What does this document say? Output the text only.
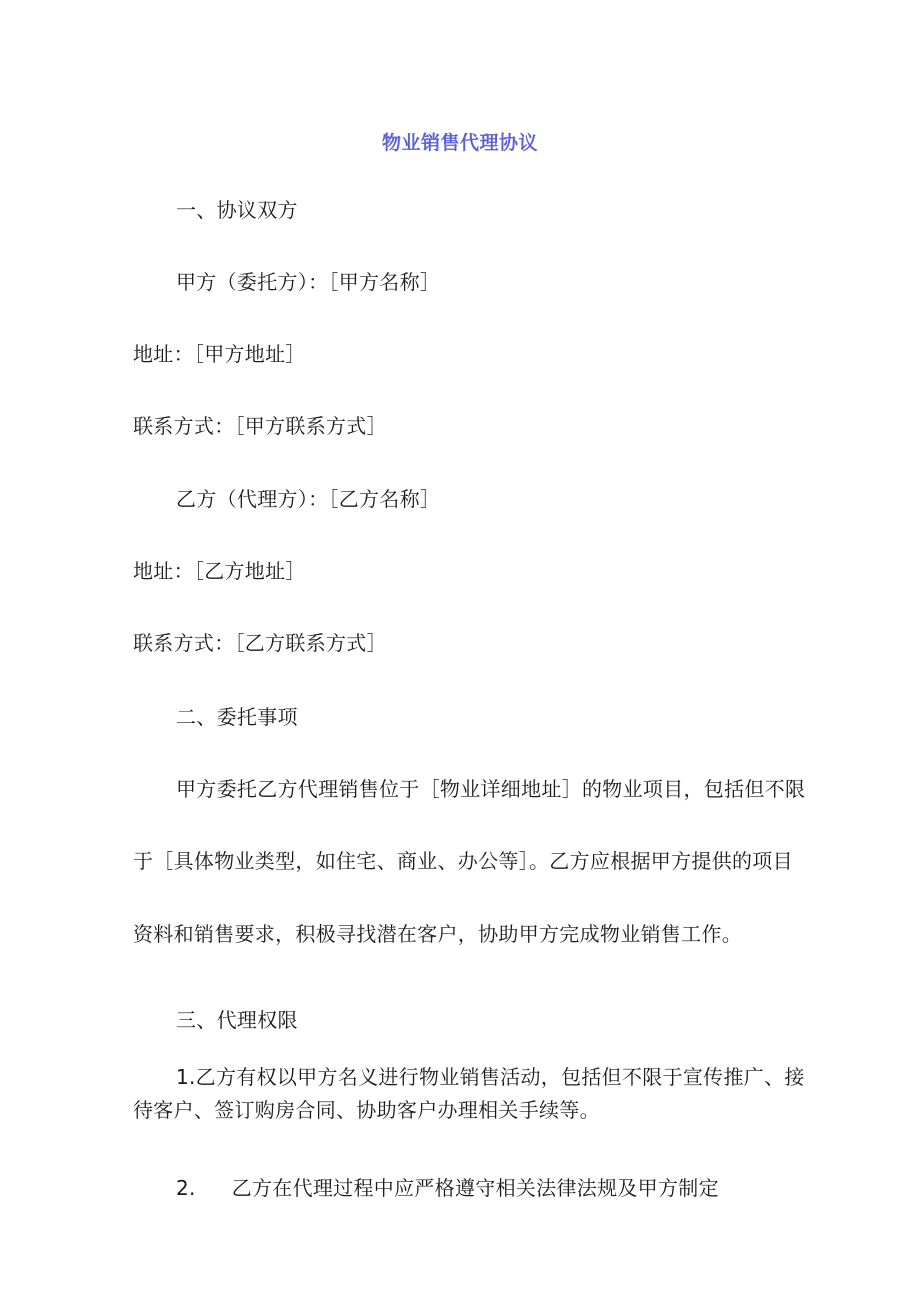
物业销售代理协议
一、协议双方
甲方（委托方）：［甲方名称］
地址：［甲方地址］
联系方式：［甲方联系方式］
乙方（代理方）：［乙方名称］
地址：［乙方地址］
联系方式：［乙方联系方式］
二、委托事项
甲方委托乙方代理销售位于［物业详细地址］的物业项目，包括但不限
于［具体物业类型，如住宅、商业、办公等］。乙方应根据甲方提供的项目
资料和销售要求，积极寻找潜在客户，协助甲方完成物业销售工作。
三、代理权限
1.乙方有权以甲方名义进行物业销售活动，包括但不限于宣传推广、接
待客户、签订购房合同、协助客户办理相关手续等。
2. 乙方在代理过程中应严格遵守相关法律法规及甲方制定
